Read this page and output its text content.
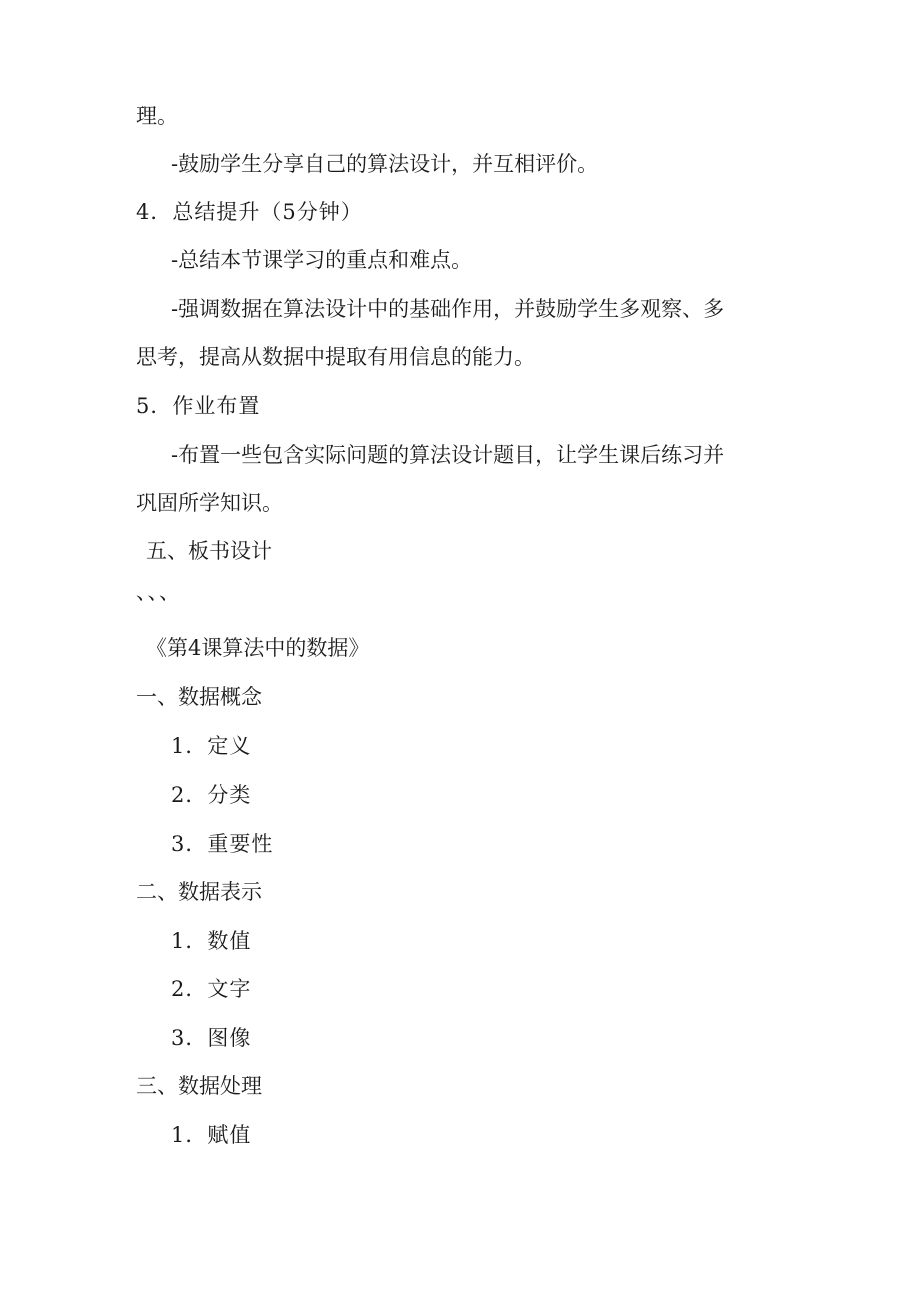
理。
-鼓励学生分享自己的算法设计，并互相评价。
4．总结提升（5分钟）
-总结本节课学习的重点和难点。
-强调数据在算法设计中的基础作用，并鼓励学生多观察、多
思考，提高从数据中提取有用信息的能力。
5．作业布置
-布置一些包含实际问题的算法设计题目，让学生课后练习并
巩固所学知识。
五、板书设计
、、、
《第4课算法中的数据》
一、数据概念
1．定义
2．分类
3．重要性
二、数据表示
1．数值
2．文字
3．图像
三、数据处理
1．赋值
